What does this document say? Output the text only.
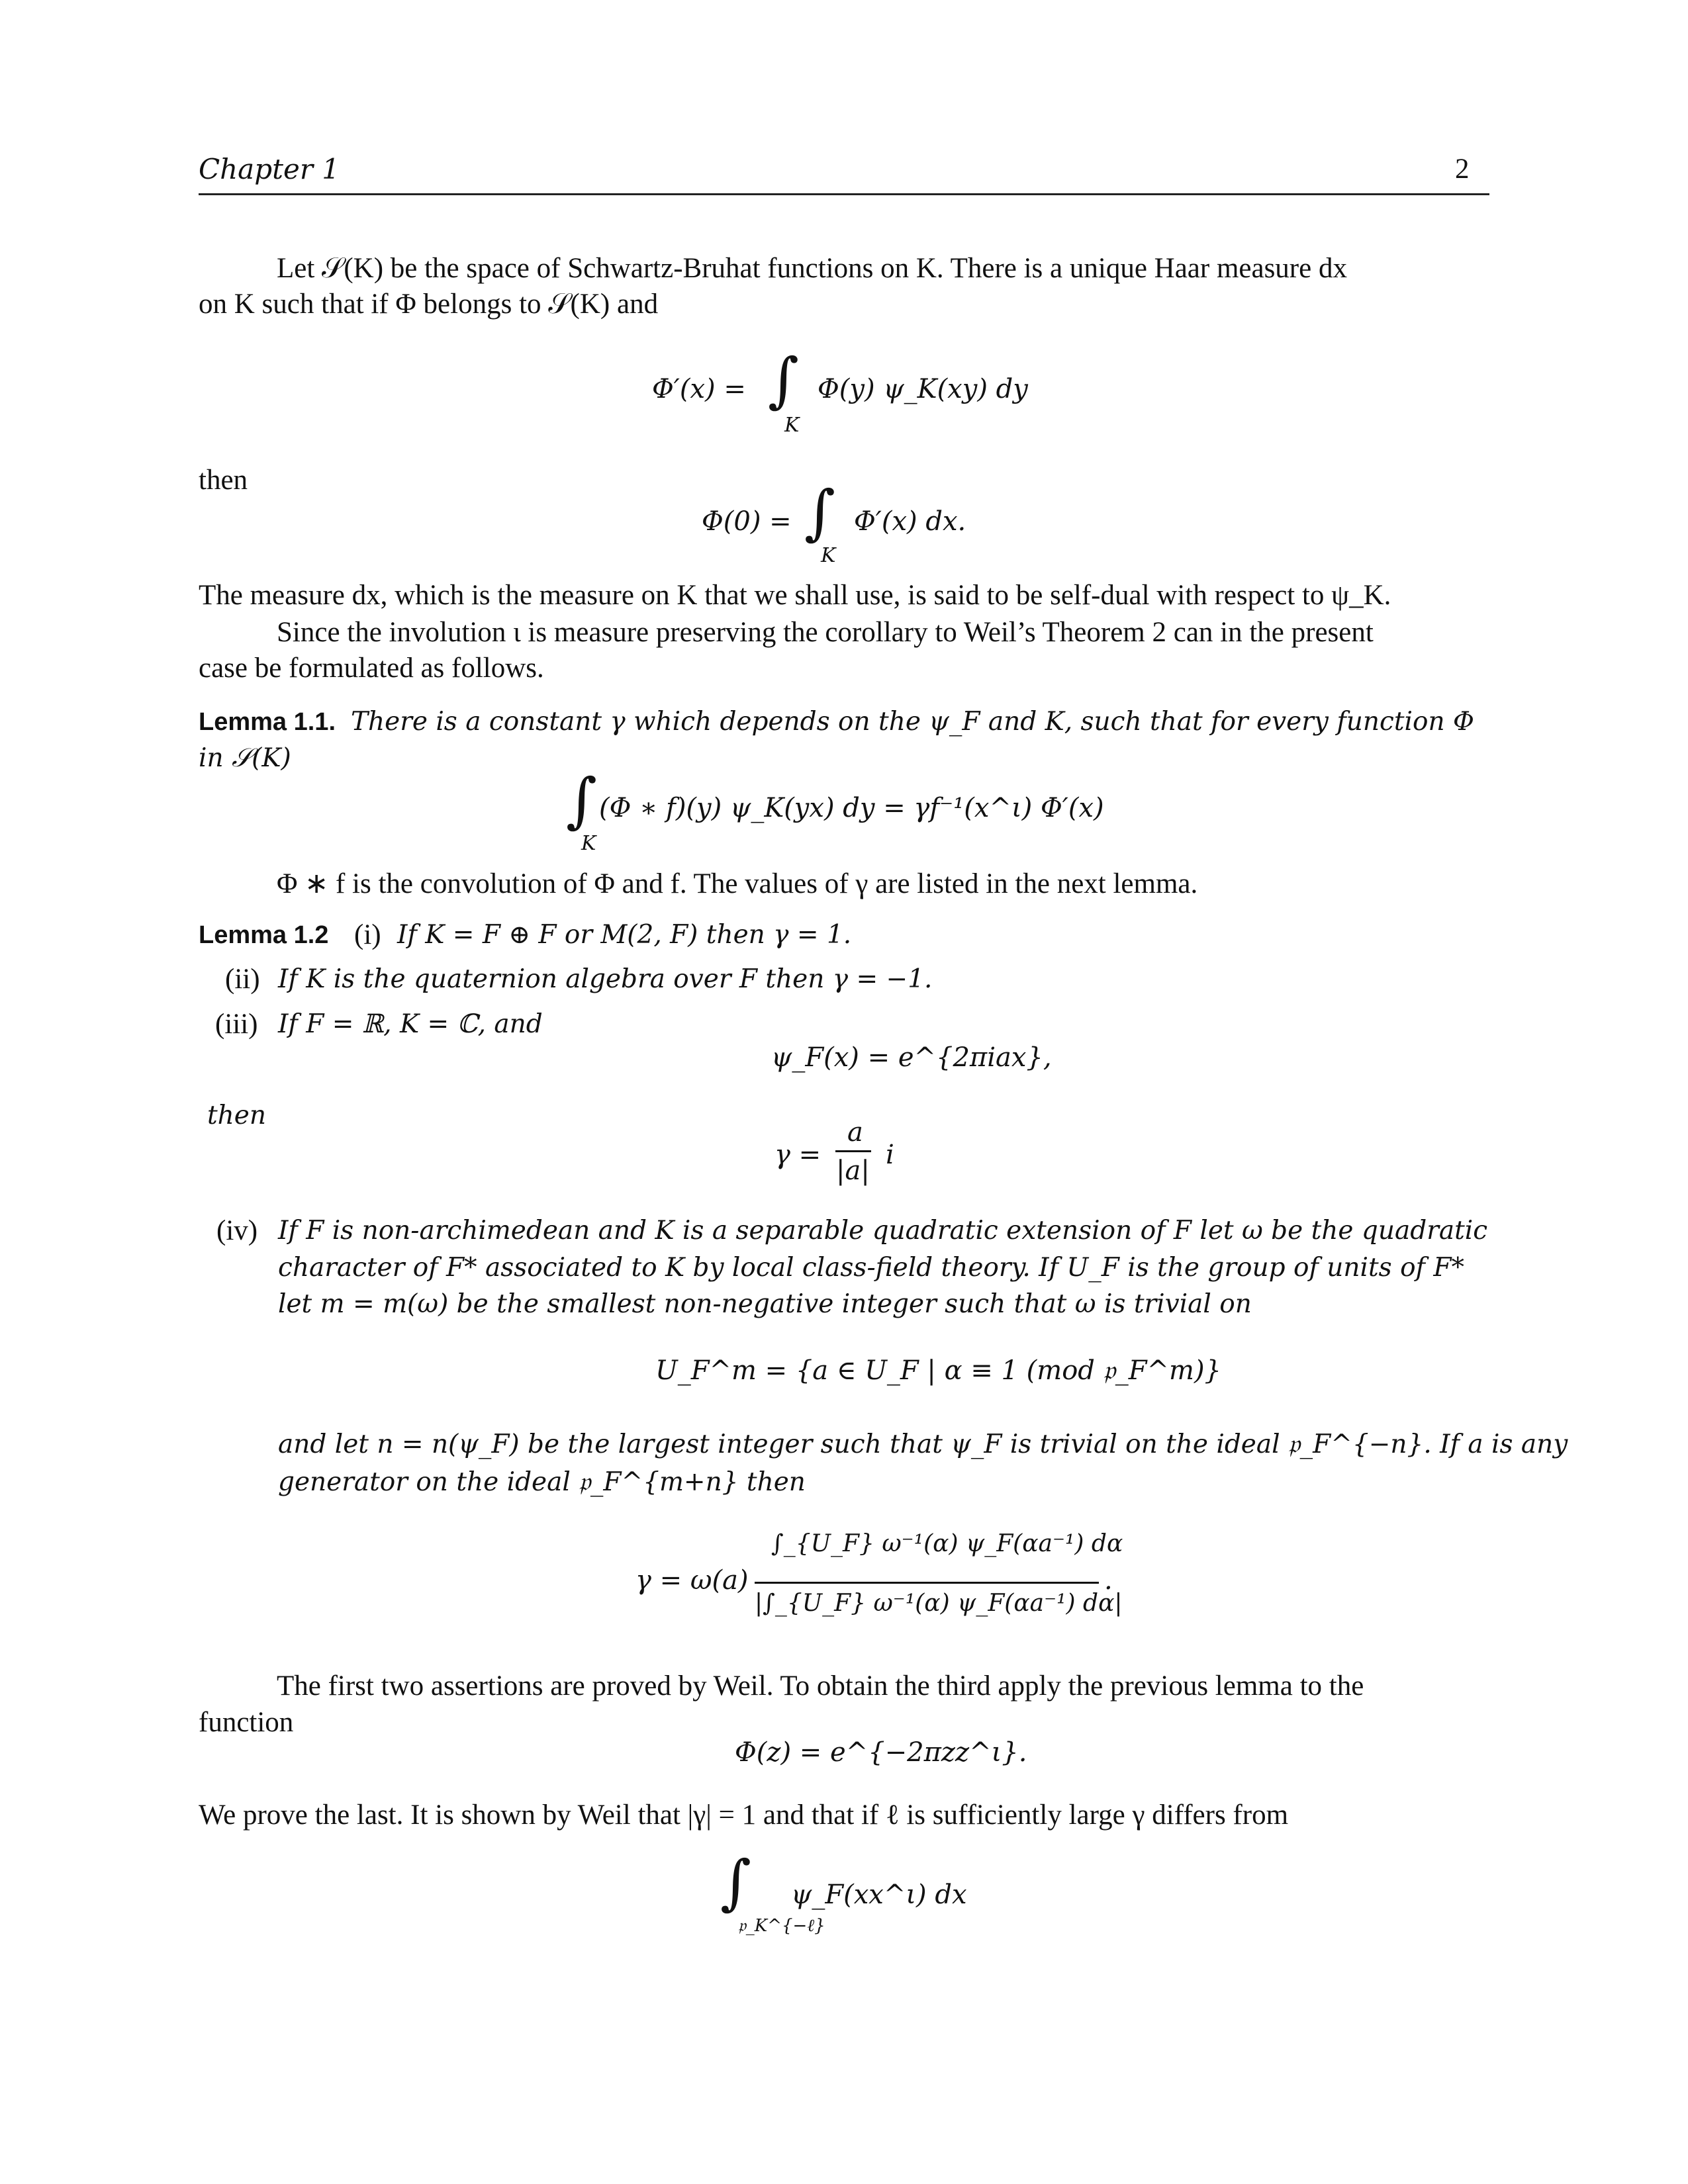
Chapter 1	2
Let 𝒮(K) be the space of Schwartz-Bruhat functions on K. There is a unique Haar measure dx
on K such that if Φ belongs to 𝒮(K) and
Φ′(x) = ∫
K
Φ(y) ψ_K(xy) dy
then
Φ(0) = ∫
K
Φ′(x) dx.
The measure dx, which is the measure on K that we shall use, is said to be self-dual with respect to ψ_K.
Since the involution ι is measure preserving the corollary to Weil’s Theorem 2 can in the present
case be formulated as follows.
Lemma 1.1. There is a constant γ which depends on the ψ_F and K, such that for every function Φ
in 𝒮(K)
∫
K
(Φ ∗ f)(y) ψ_K(yx) dy = γf⁻¹(x^ι) Φ′(x)
Φ ∗ f is the convolution of Φ and f. The values of γ are listed in the next lemma.
Lemma 1.2 (i) If K = F ⊕ F or M(2, F) then γ = 1.
(ii) If K is the quaternion algebra over F then γ = −1.
(iii) If F = ℝ, K = ℂ, and
ψ_F(x) = e^{2πiax},
then
γ =
a
|a|
i
(iv) If F is non-archimedean and K is a separable quadratic extension of F let ω be the quadratic
character of F* associated to K by local class-field theory. If U_F is the group of units of F*
let m = m(ω) be the smallest non-negative integer such that ω is trivial on
U_F^m = {a ∈ U_F | α ≡ 1 (mod 𝔭_F^m)}
and let n = n(ψ_F) be the largest integer such that ψ_F is trivial on the ideal 𝔭_F^{−n}. If a is any
generator on the ideal 𝔭_F^{m+n} then
γ = ω(a)
∫_{U_F} ω⁻¹(α) ψ_F(αa⁻¹) dα
|∫_{U_F} ω⁻¹(α) ψ_F(αa⁻¹) dα|
.
The first two assertions are proved by Weil. To obtain the third apply the previous lemma to the
function
Φ(z) = e^{−2πzz^ι}.
We prove the last. It is shown by Weil that |γ| = 1 and that if ℓ is sufficiently large γ differs from
∫
𝔭_K^{−ℓ}
ψ_F(xx^ι) dx
